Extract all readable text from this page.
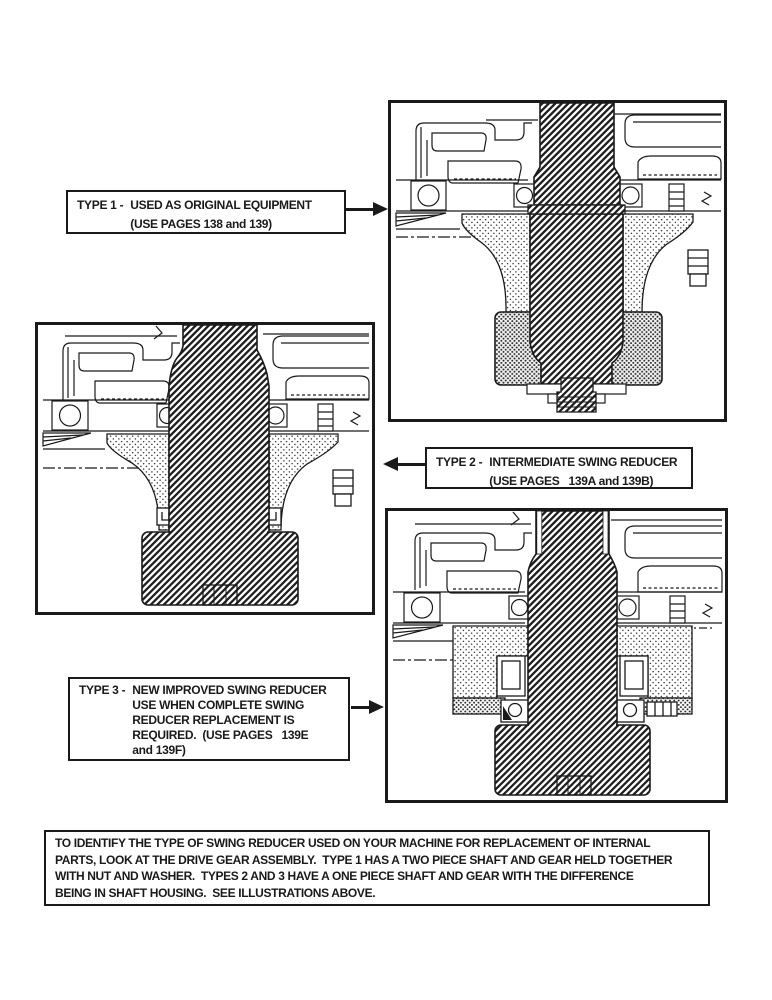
TYPE 1 - USED AS ORIGINAL EQUIPMENT
(USE PAGES 138 and 139)
TYPE 2 - INTERMEDIATE SWING REDUCER
(USE PAGES   139A and 139B)
TYPE 3 - NEW IMPROVED SWING REDUCER
USE WHEN COMPLETE SWING
REDUCER REPLACEMENT IS
REQUIRED.  (USE PAGES   139E
and 139F)
TO IDENTIFY THE TYPE OF SWING REDUCER USED ON YOUR MACHINE FOR REPLACEMENT OF INTERNAL
PARTS, LOOK AT THE DRIVE GEAR ASSEMBLY.  TYPE 1 HAS A TWO PIECE SHAFT AND GEAR HELD TOGETHER
WITH NUT AND WASHER.  TYPES 2 AND 3 HAVE A ONE PIECE SHAFT AND GEAR WITH THE DIFFERENCE
BEING IN SHAFT HOUSING.  SEE ILLUSTRATIONS ABOVE.
